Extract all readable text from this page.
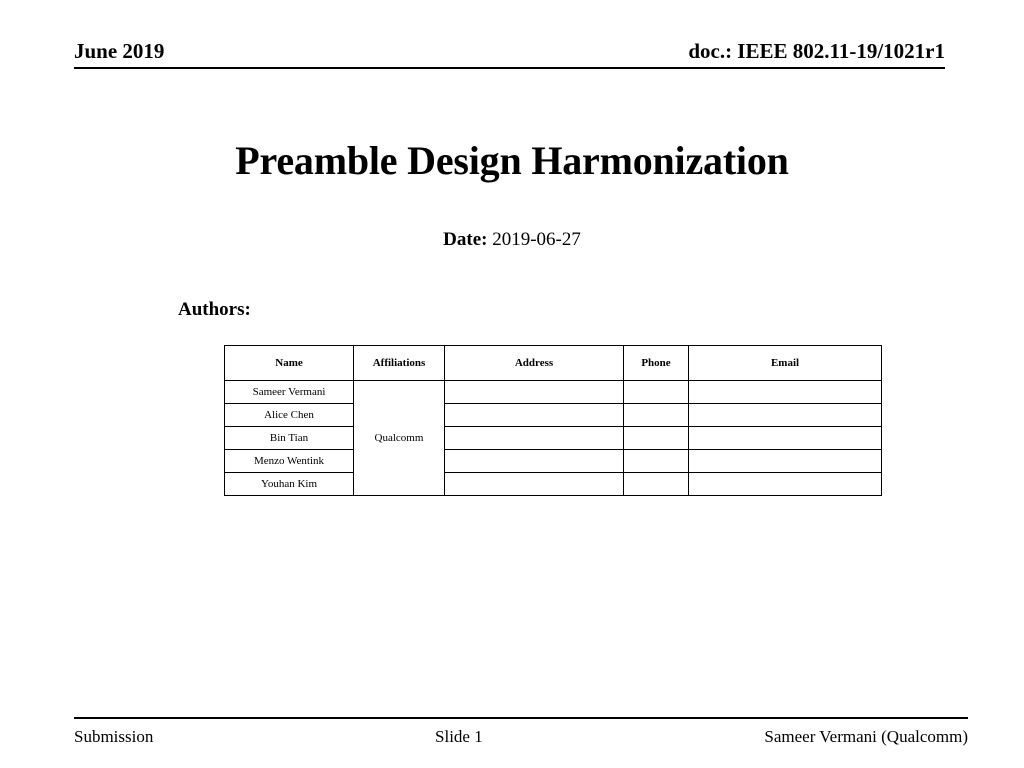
June 2019	doc.: IEEE 802.11-19/1021r1
Preamble Design Harmonization
Date: 2019-06-27
Authors:
Name	Affiliations	Address	Phone	Email
Sameer Vermani	Qualcomm			
Alice Chen				
Bin Tian				
Menzo Wentink				
Youhan Kim				
Submission	Slide 1	Sameer Vermani (Qualcomm)
